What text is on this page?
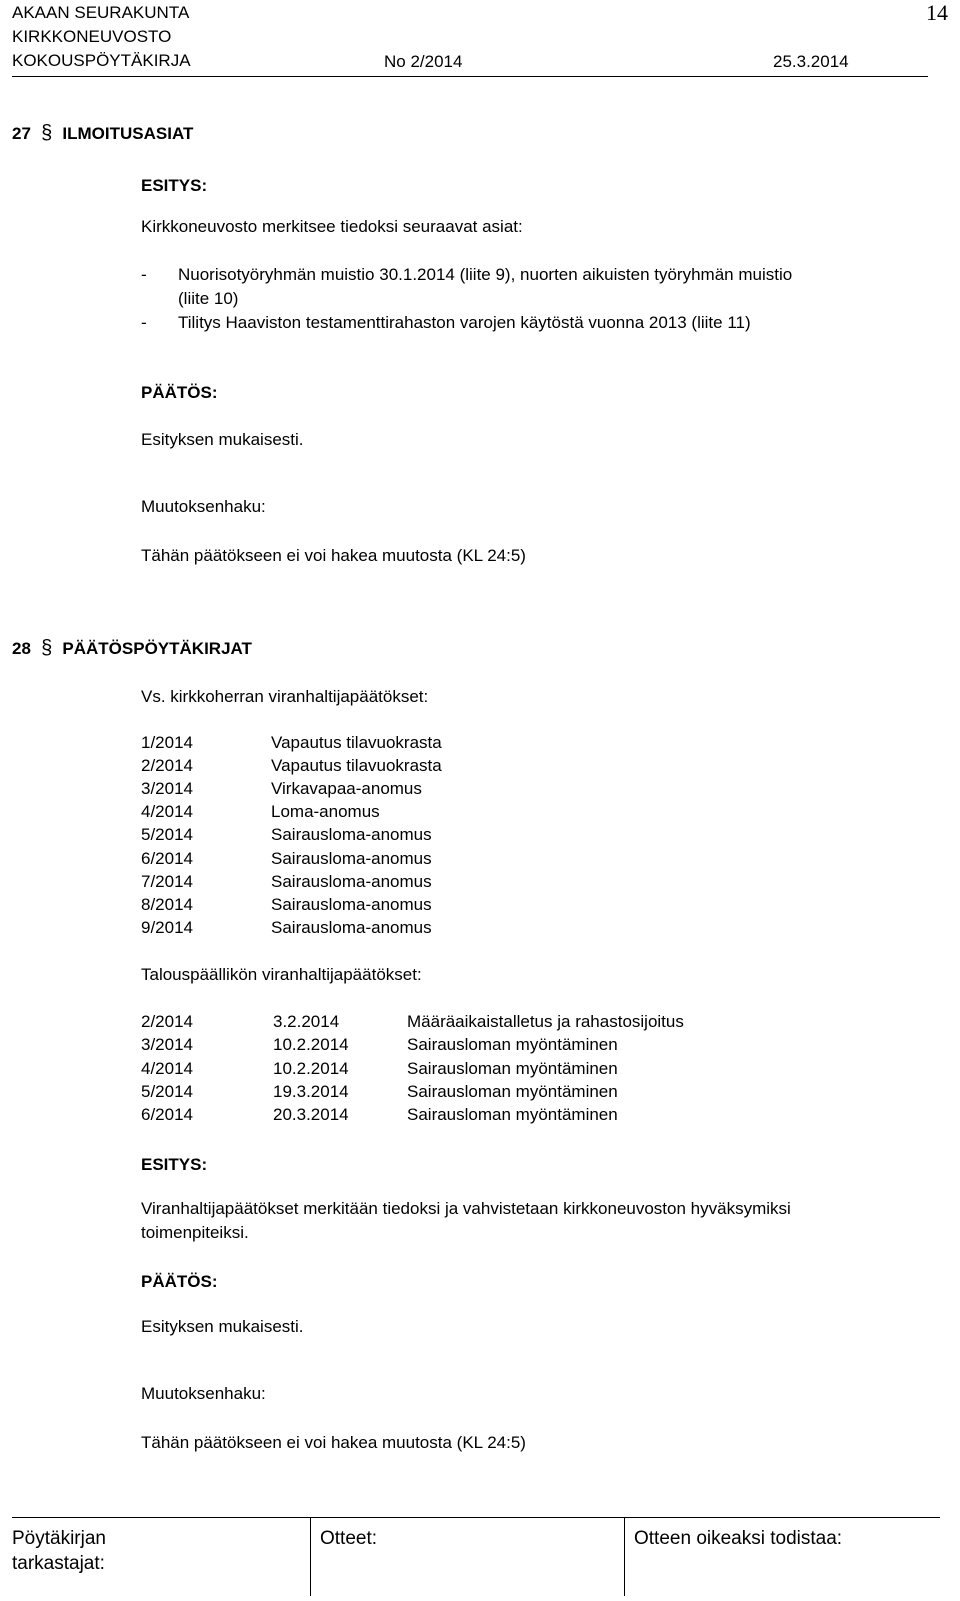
AKAAN SEURAKUNTA	14
KIRKKONEUVOSTO
KOKOUSPÖYTÄKIRJA	No 2/2014	25.3.2014
27 § ILMOITUSASIAT
ESITYS:
Kirkkoneuvosto merkitsee tiedoksi seuraavat asiat:
- Nuorisotyöryhmän muistio 30.1.2014 (liite 9), nuorten aikuisten työryhmän muistio
(liite 10)
- Tilitys Haaviston testamenttirahaston varojen käytöstä vuonna 2013 (liite 11)
PÄÄTÖS:
Esityksen mukaisesti.
Muutoksenhaku:
Tähän päätökseen ei voi hakea muutosta (KL 24:5)
28 § PÄÄTÖSPÖYTÄKIRJAT
Vs. kirkkoherran viranhaltijapäätökset:
1/2014	Vapautus tilavuokrasta
2/2014	Vapautus tilavuokrasta
3/2014	Virkavapaa-anomus
4/2014	Loma-anomus
5/2014	Sairausloma-anomus
6/2014	Sairausloma-anomus
7/2014	Sairausloma-anomus
8/2014	Sairausloma-anomus
9/2014	Sairausloma-anomus
Talouspäällikön viranhaltijapäätökset:
2/2014	3.2.2014	Määräaikaistalletus ja rahastosijoitus
3/2014	10.2.2014	Sairausloman myöntäminen
4/2014	10.2.2014	Sairausloman myöntäminen
5/2014	19.3.2014	Sairausloman myöntäminen
6/2014	20.3.2014	Sairausloman myöntäminen
ESITYS:
Viranhaltijapäätökset merkitään tiedoksi ja vahvistetaan kirkkoneuvoston hyväksymiksi
toimenpiteiksi.
PÄÄTÖS:
Esityksen mukaisesti.
Muutoksenhaku:
Tähän päätökseen ei voi hakea muutosta (KL 24:5)
Pöytäkirjan
tarkastajat:
Otteet:	Otteen oikeaksi todistaa:
